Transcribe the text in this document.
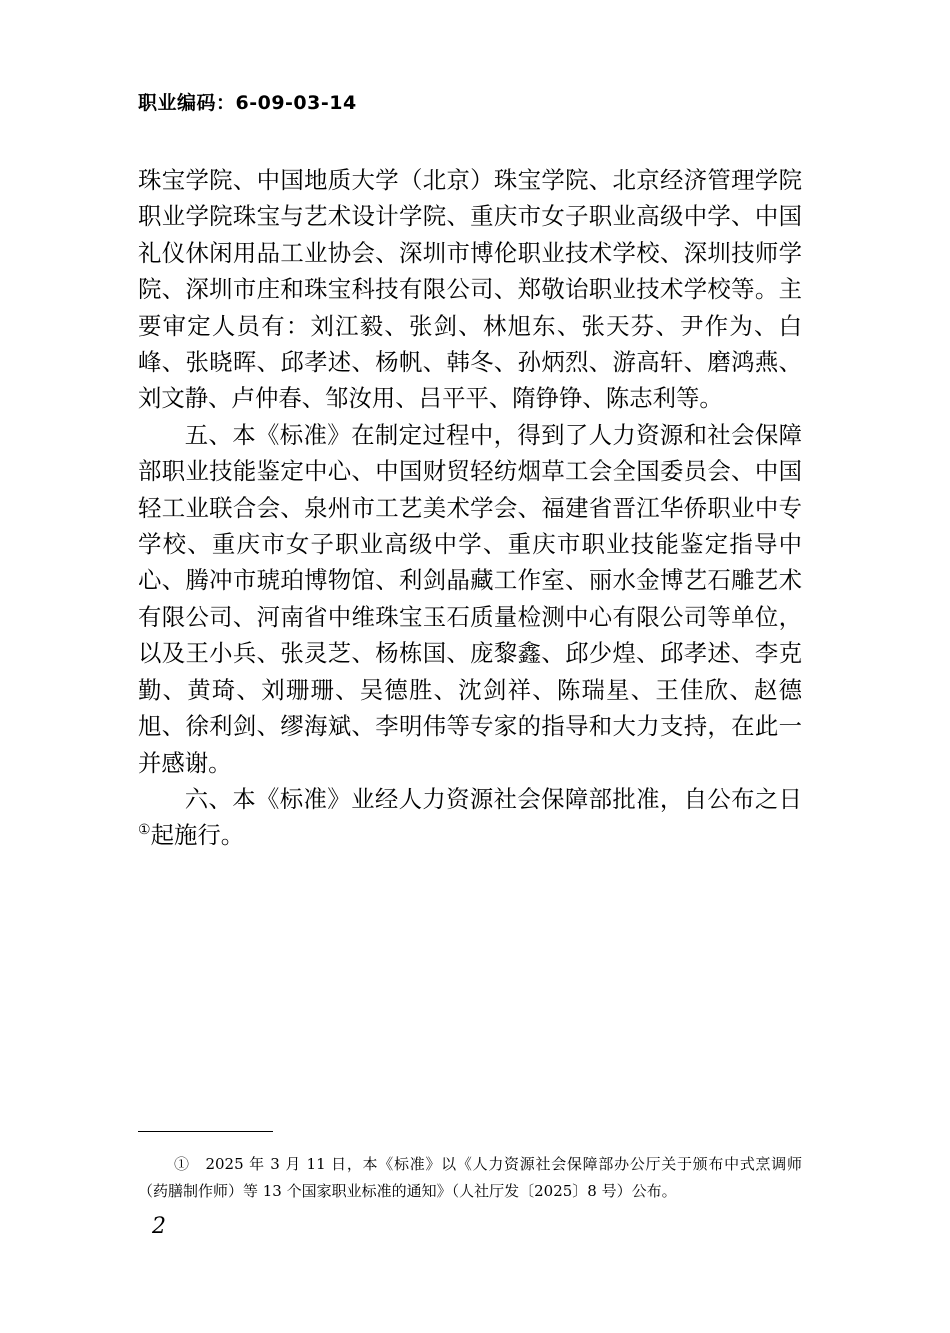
职业编码：6-09-03-14

珠宝学院、中国地质大学（北京）珠宝学院、北京经济管理学院职业学院珠宝与艺术设计学院、重庆市女子职业高级中学、中国礼仪休闲用品工业协会、深圳市博伦职业技术学校、深圳技师学院、深圳市庄和珠宝科技有限公司、郑敬诒职业技术学校等。主要审定人员有：刘江毅、张剑、林旭东、张天芬、尹作为、白峰、张晓晖、邱孝述、杨帆、韩冬、孙炳烈、游高轩、磨鸿燕、刘文静、卢仲春、邹汝用、吕平平、隋铮铮、陈志利等。

五、本《标准》在制定过程中，得到了人力资源和社会保障部职业技能鉴定中心、中国财贸轻纺烟草工会全国委员会、中国轻工业联合会、泉州市工艺美术学会、福建省晋江华侨职业中专学校、重庆市女子职业高级中学、重庆市职业技能鉴定指导中心、腾冲市琥珀博物馆、利剑晶藏工作室、丽水金博艺石雕艺术有限公司、河南省中维珠宝玉石质量检测中心有限公司等单位，以及王小兵、张灵芝、杨栋国、庞黎鑫、邱少煌、邱孝述、李克勤、黄琦、刘珊珊、吴德胜、沈剑祥、陈瑞星、王佳欣、赵德旭、徐利剑、缪海斌、李明伟等专家的指导和大力支持，在此一并感谢。

六、本《标准》业经人力资源社会保障部批准，自公布之日①起施行。

①　2025 年 3 月 11 日，本《标准》以《人力资源社会保障部办公厅关于颁布中式烹调师（药膳制作师）等 13 个国家职业标准的通知》（人社厅发〔2025〕8 号）公布。
2
